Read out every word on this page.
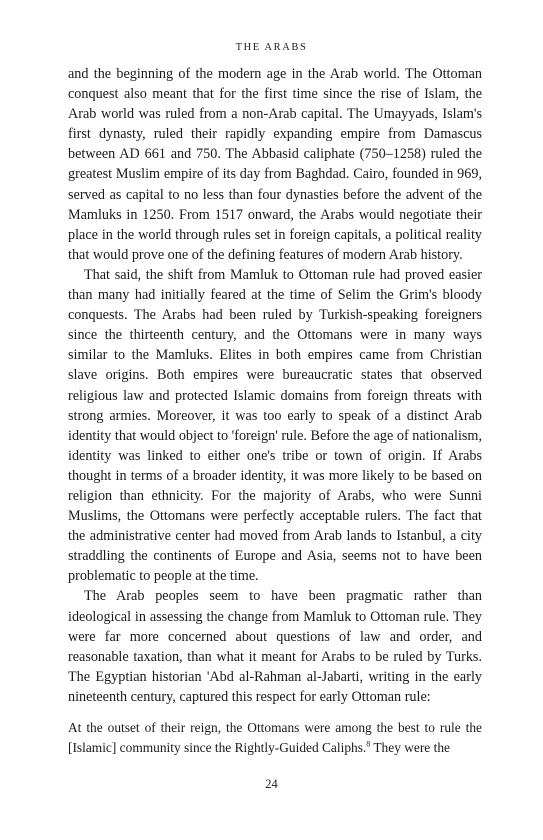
THE ARABS

and the beginning of the modern age in the Arab world. The Ottoman conquest also meant that for the first time since the rise of Islam, the Arab world was ruled from a non-Arab capital. The Umayyads, Islam's first dynasty, ruled their rapidly expanding empire from Damascus between AD 661 and 750. The Abbasid caliphate (750–1258) ruled the greatest Muslim empire of its day from Baghdad. Cairo, founded in 969, served as capital to no less than four dynasties before the advent of the Mamluks in 1250. From 1517 onward, the Arabs would negotiate their place in the world through rules set in foreign capitals, a political reality that would prove one of the defining features of modern Arab history.

That said, the shift from Mamluk to Ottoman rule had proved easier than many had initially feared at the time of Selim the Grim's bloody conquests. The Arabs had been ruled by Turkish-speaking foreigners since the thirteenth century, and the Ottomans were in many ways similar to the Mamluks. Elites in both empires came from Christian slave origins. Both empires were bureaucratic states that observed religious law and protected Islamic domains from foreign threats with strong armies. Moreover, it was too early to speak of a distinct Arab identity that would object to 'foreign' rule. Before the age of nationalism, identity was linked to either one's tribe or town of origin. If Arabs thought in terms of a broader identity, it was more likely to be based on religion than ethnicity. For the majority of Arabs, who were Sunni Muslims, the Ottomans were perfectly acceptable rulers. The fact that the administrative center had moved from Arab lands to Istanbul, a city straddling the continents of Europe and Asia, seems not to have been problematic to people at the time.

The Arab peoples seem to have been pragmatic rather than ideological in assessing the change from Mamluk to Ottoman rule. They were far more concerned about questions of law and order, and reasonable taxation, than what it meant for Arabs to be ruled by Turks. The Egyptian historian 'Abd al-Rahman al-Jabarti, writing in the early nineteenth century, captured this respect for early Ottoman rule:

At the outset of their reign, the Ottomans were among the best to rule the [Islamic] community since the Rightly-Guided Caliphs.$^8$ They were the

24
